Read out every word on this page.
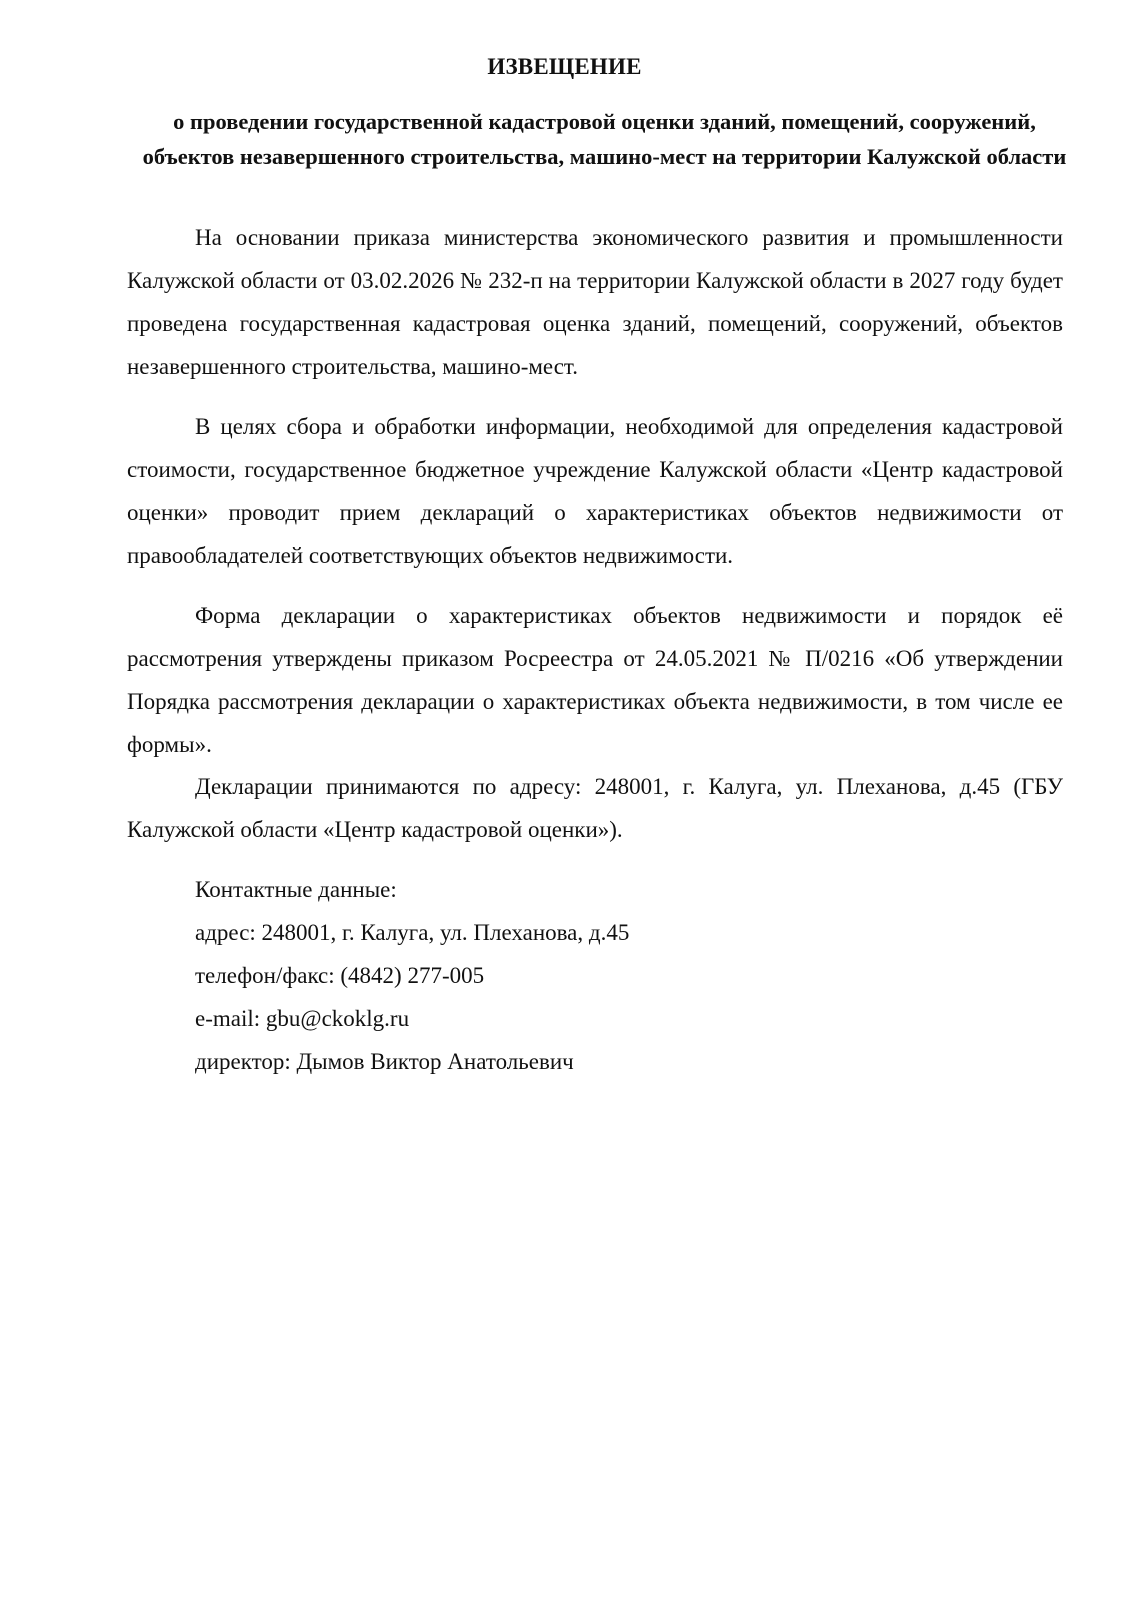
ИЗВЕЩЕНИЕ
о проведении государственной кадастровой оценки зданий, помещений, сооружений, объектов незавершенного строительства, машино-мест на территории Калужской области

На основании приказа министерства экономического развития и промышленности Калужской области от 03.02.2026 № 232-п на территории Калужской области в 2027 году будет проведена государственная кадастровая оценка зданий, помещений, сооружений, объектов незавершенного строительства, машино-мест.

В целях сбора и обработки информации, необходимой для определения кадастровой стоимости, государственное бюджетное учреждение Калужской области «Центр кадастровой оценки» проводит прием деклараций о характеристиках объектов недвижимости от правообладателей соответствующих объектов недвижимости.

Форма декларации о характеристиках объектов недвижимости и порядок её рассмотрения утверждены приказом Росреестра от 24.05.2021 № П/0216 «Об утверждении Порядка рассмотрения декларации о характеристиках объекта недвижимости, в том числе ее формы».

Декларации принимаются по адресу: 248001, г. Калуга, ул. Плеханова, д.45 (ГБУ Калужской области «Центр кадастровой оценки»).

Контактные данные:
адрес: 248001, г. Калуга, ул. Плеханова, д.45
телефон/факс: (4842) 277-005
e-mail: gbu@ckoklg.ru
директор: Дымов Виктор Анатольевич
